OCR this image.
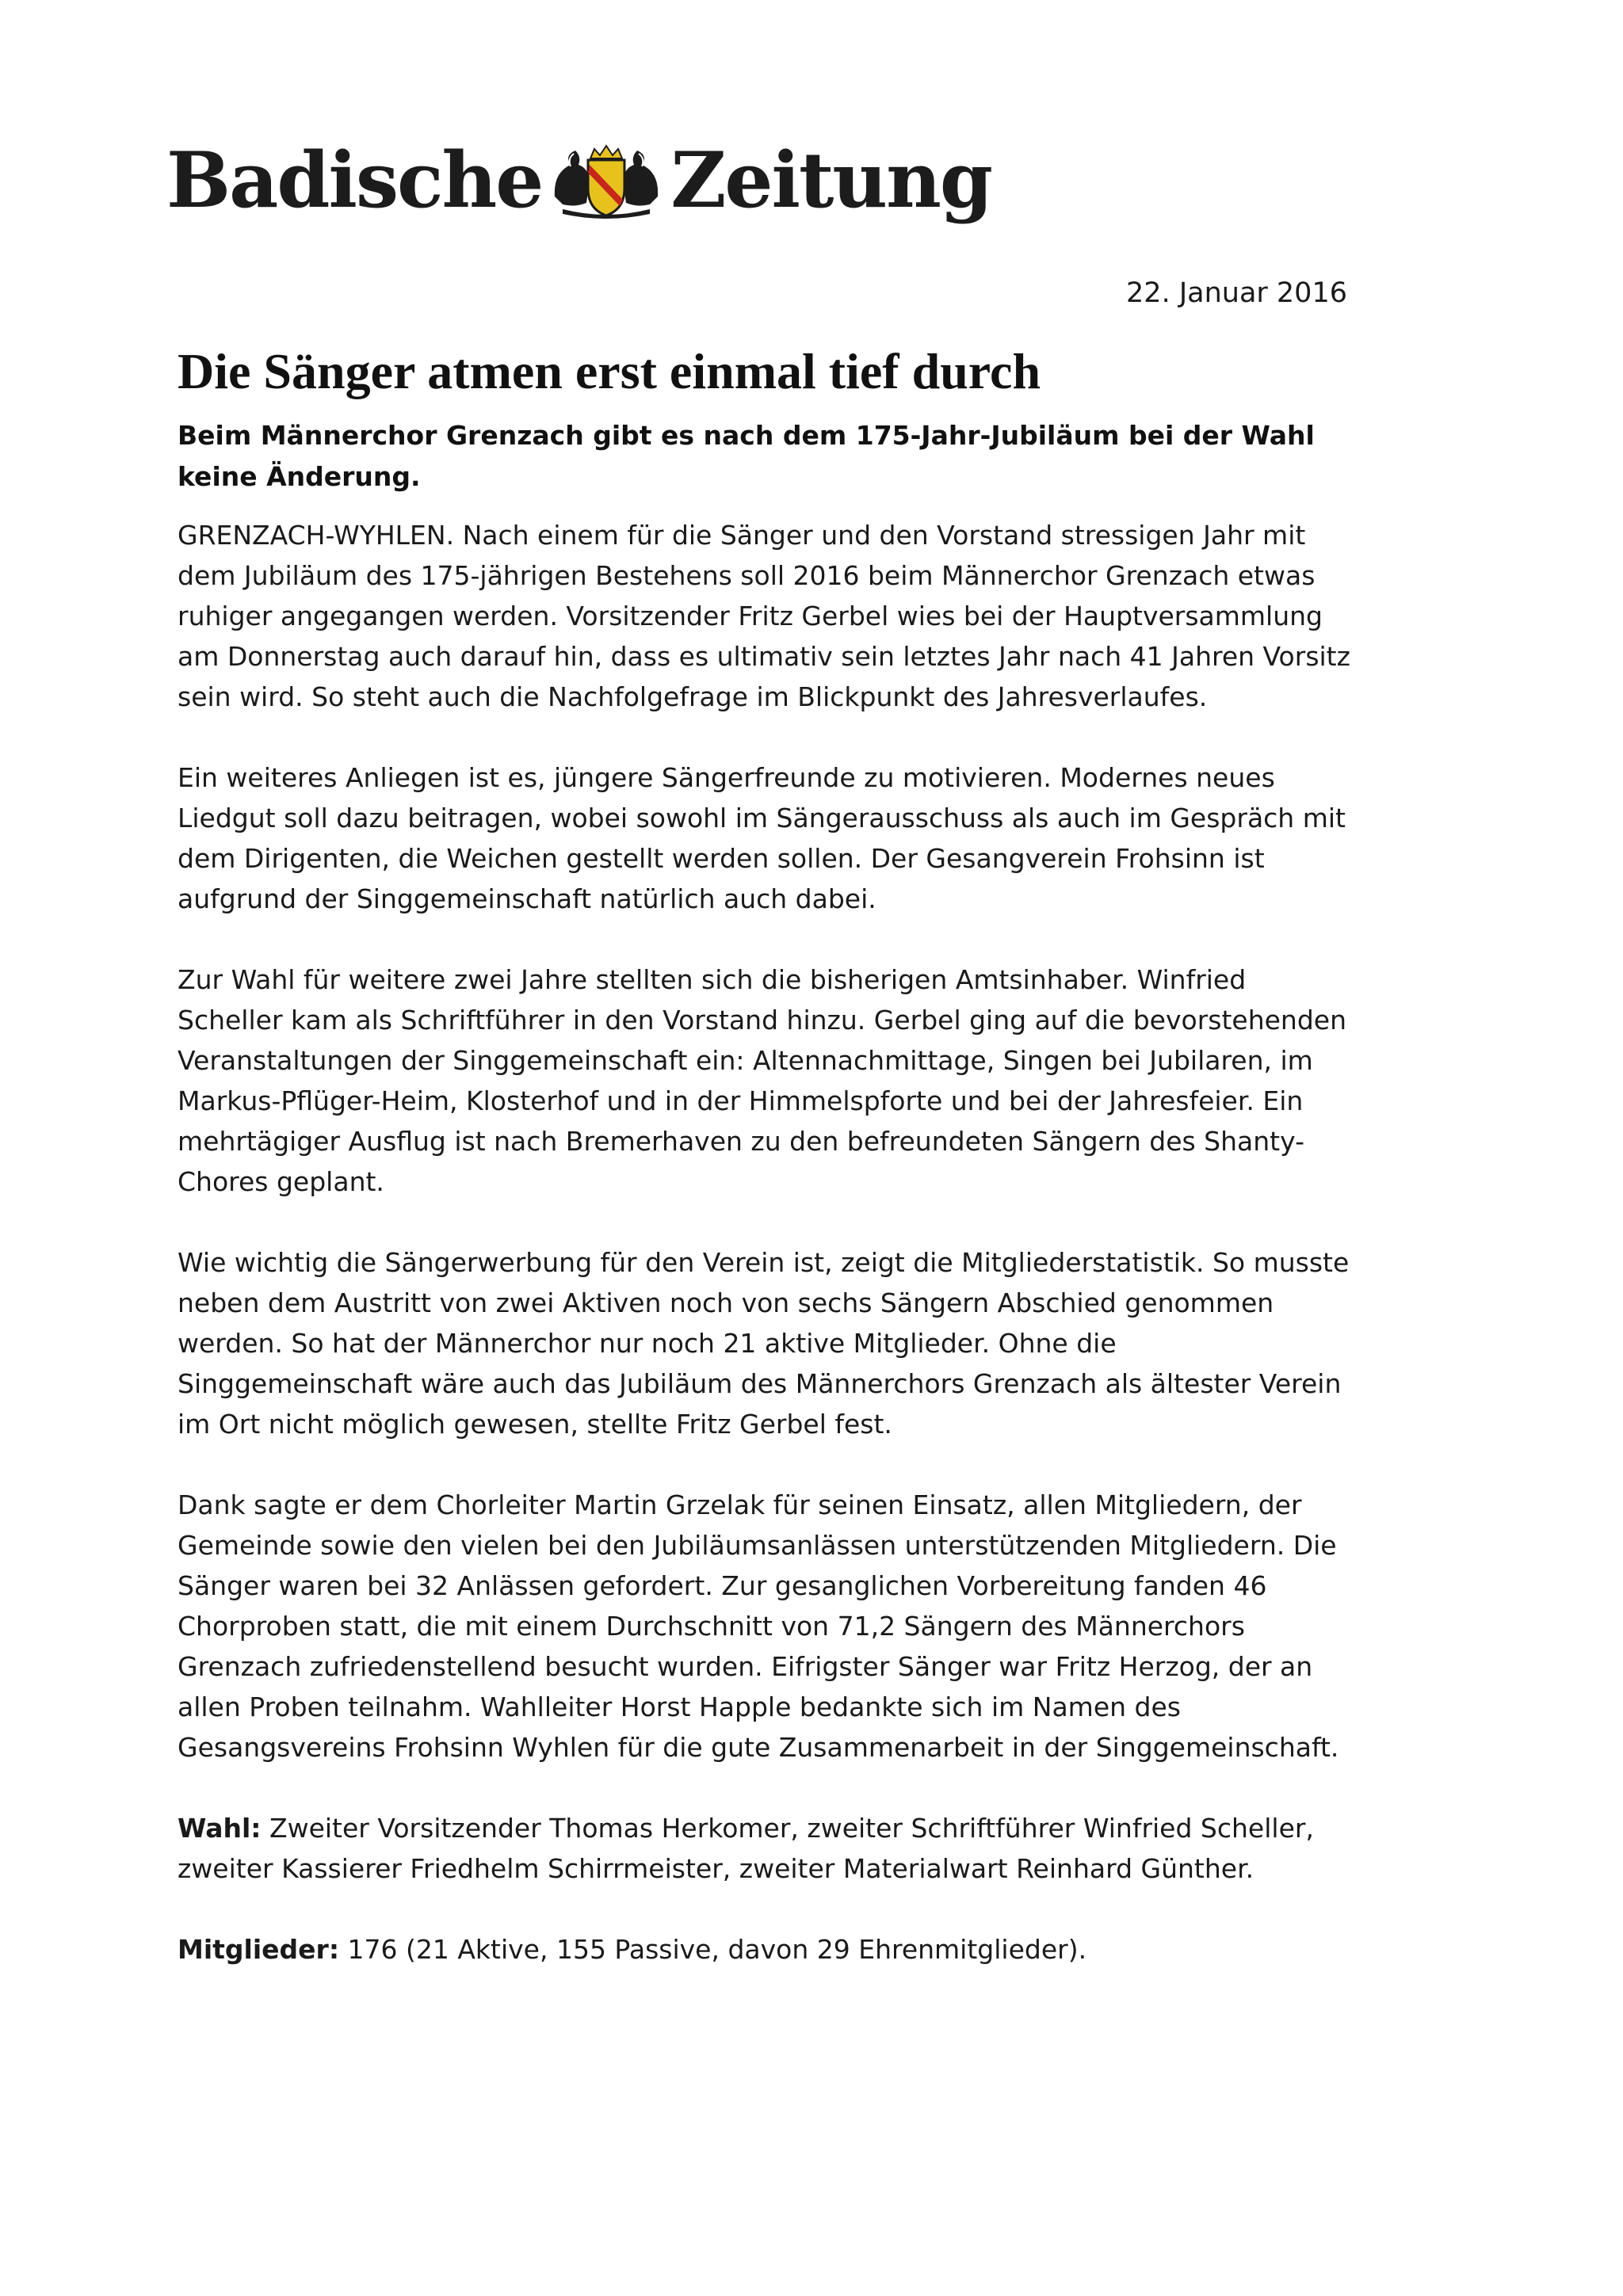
Badische Zeitung
22. Januar 2016
Die Sänger atmen erst einmal tief durch

Beim Männerchor Grenzach gibt es nach dem 175-Jahr-Jubiläum bei der Wahl keine Änderung.

GRENZACH-WYHLEN. Nach einem für die Sänger und den Vorstand stressigen Jahr mit dem Jubiläum des 175-jährigen Bestehens soll 2016 beim Männerchor Grenzach etwas ruhiger angegangen werden. Vorsitzender Fritz Gerbel wies bei der Hauptversammlung am Donnerstag auch darauf hin, dass es ultimativ sein letztes Jahr nach 41 Jahren Vorsitz sein wird. So steht auch die Nachfolgefrage im Blickpunkt des Jahresverlaufes.

Ein weiteres Anliegen ist es, jüngere Sängerfreunde zu motivieren. Modernes neues Liedgut soll dazu beitragen, wobei sowohl im Sängerausschuss als auch im Gespräch mit dem Dirigenten, die Weichen gestellt werden sollen. Der Gesangverein Frohsinn ist aufgrund der Singgemeinschaft natürlich auch dabei.

Zur Wahl für weitere zwei Jahre stellten sich die bisherigen Amtsinhaber. Winfried Scheller kam als Schriftführer in den Vorstand hinzu. Gerbel ging auf die bevorstehenden Veranstaltungen der Singgemeinschaft ein: Altennachmittage, Singen bei Jubilaren, im Markus-Pflüger-Heim, Klosterhof und in der Himmelspforte und bei der Jahresfeier. Ein mehrtägiger Ausflug ist nach Bremerhaven zu den befreundeten Sängern des Shanty-Chores geplant.

Wie wichtig die Sängerwerbung für den Verein ist, zeigt die Mitgliederstatistik. So musste neben dem Austritt von zwei Aktiven noch von sechs Sängern Abschied genommen werden. So hat der Männerchor nur noch 21 aktive Mitglieder. Ohne die Singgemeinschaft wäre auch das Jubiläum des Männerchors Grenzach als ältester Verein im Ort nicht möglich gewesen, stellte Fritz Gerbel fest.

Dank sagte er dem Chorleiter Martin Grzelak für seinen Einsatz, allen Mitgliedern, der Gemeinde sowie den vielen bei den Jubiläumsanlässen unterstützenden Mitgliedern. Die Sänger waren bei 32 Anlässen gefordert. Zur gesanglichen Vorbereitung fanden 46 Chorproben statt, die mit einem Durchschnitt von 71,2 Sängern des Männerchors Grenzach zufriedenstellend besucht wurden. Eifrigster Sänger war Fritz Herzog, der an allen Proben teilnahm. Wahlleiter Horst Happle bedankte sich im Namen des Gesangsvereins Frohsinn Wyhlen für die gute Zusammenarbeit in der Singgemeinschaft.

Wahl: Zweiter Vorsitzender Thomas Herkomer, zweiter Schriftführer Winfried Scheller, zweiter Kassierer Friedhelm Schirrmeister, zweiter Materialwart Reinhard Günther.

Mitglieder: 176 (21 Aktive, 155 Passive, davon 29 Ehrenmitglieder).
